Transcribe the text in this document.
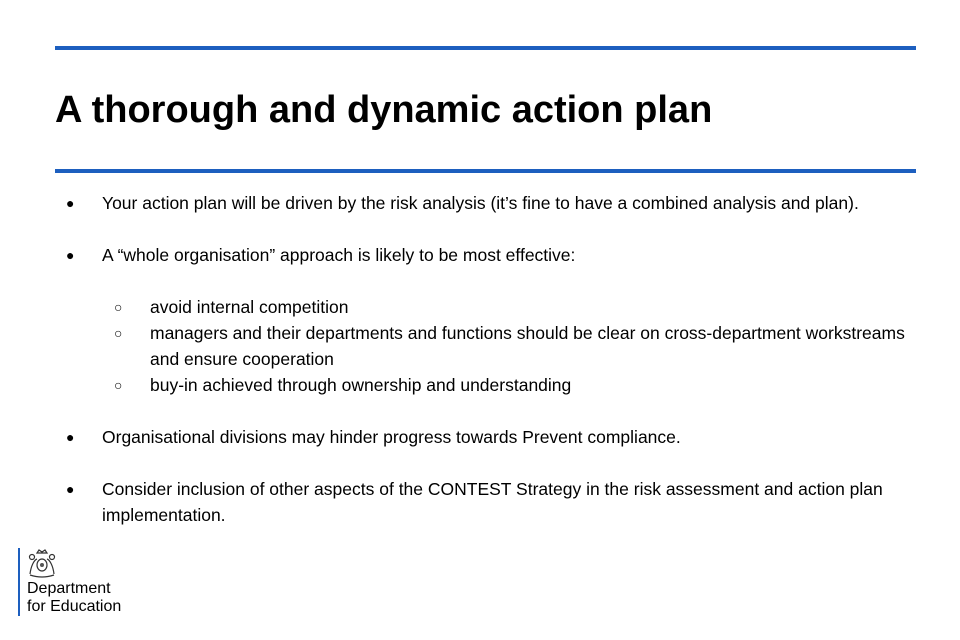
A thorough and dynamic action plan
● Your action plan will be driven by the risk analysis (it’s fine to have a combined analysis and plan).
● A “whole organisation” approach is likely to be most effective:
○ avoid internal competition
○ managers and their departments and functions should be clear on cross-department workstreams and ensure cooperation
○ buy-in achieved through ownership and understanding
● Organisational divisions may hinder progress towards Prevent compliance.
● Consider inclusion of other aspects of the CONTEST Strategy in the risk assessment and action plan implementation.
Department
for Education
